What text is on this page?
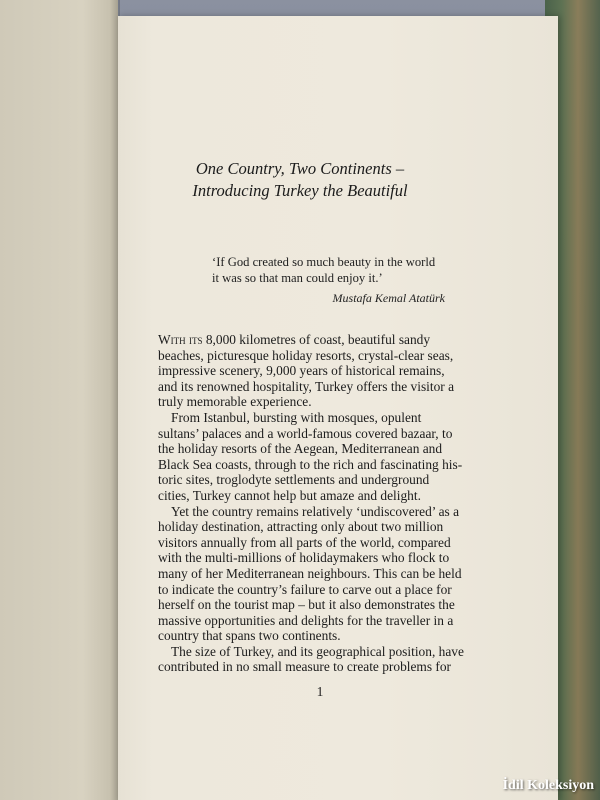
One Country, Two Continents –
Introducing Turkey the Beautiful
‘If God created so much beauty in the world
it was so that man could enjoy it.’
Mustafa Kemal Atatürk
With its 8,000 kilometres of coast, beautiful sandy
beaches, picturesque holiday resorts, crystal-clear seas,
impressive scenery, 9,000 years of historical remains,
and its renowned hospitality, Turkey offers the visitor a
truly memorable experience.
From Istanbul, bursting with mosques, opulent
sultans’ palaces and a world-famous covered bazaar, to
the holiday resorts of the Aegean, Mediterranean and
Black Sea coasts, through to the rich and fascinating his-
toric sites, troglodyte settlements and underground
cities, Turkey cannot help but amaze and delight.
Yet the country remains relatively ‘undiscovered’ as a
holiday destination, attracting only about two million
visitors annually from all parts of the world, compared
with the multi-millions of holidaymakers who flock to
many of her Mediterranean neighbours. This can be held
to indicate the country’s failure to carve out a place for
herself on the tourist map – but it also demonstrates the
massive opportunities and delights for the traveller in a
country that spans two continents.
The size of Turkey, and its geographical position, have
contributed in no small measure to create problems for
1
İdil Koleksiyon
